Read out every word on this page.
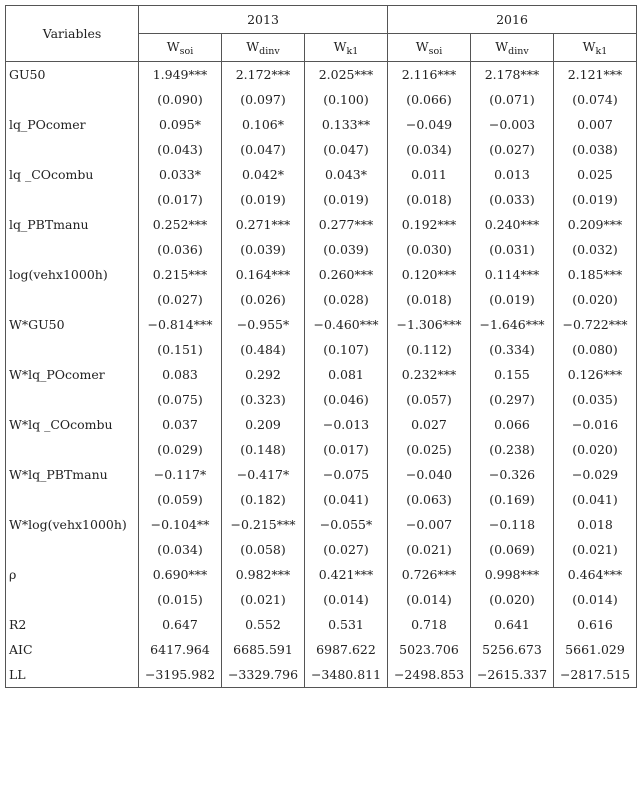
Variables	2013			2016		
	$W_{soi}$	$W_{dinv}$	$W_{k1}$	$W_{soi}$	$W_{dinv}$	$W_{k1}$
GU50	1.949***	2.172***	2.025***	2.116***	2.178***	2.121***
	(0.090)	(0.097)	(0.100)	(0.066)	(0.071)	(0.074)
lq_POcomer	0.095*	0.106*	0.133**	−0.049	−0.003	0.007
	(0.043)	(0.047)	(0.047)	(0.034)	(0.027)	(0.038)
lq _COcombu	0.033*	0.042*	0.043*	0.011	0.013	0.025
	(0.017)	(0.019)	(0.019)	(0.018)	(0.033)	(0.019)
lq_PBTmanu	0.252***	0.271***	0.277***	0.192***	0.240***	0.209***
	(0.036)	(0.039)	(0.039)	(0.030)	(0.031)	(0.032)
log(vehx1000h)	0.215***	0.164***	0.260***	0.120***	0.114***	0.185***
	(0.027)	(0.026)	(0.028)	(0.018)	(0.019)	(0.020)
W*GU50	−0.814***	−0.955*	−0.460***	−1.306***	−1.646***	−0.722***
	(0.151)	(0.484)	(0.107)	(0.112)	(0.334)	(0.080)
W*lq_POcomer	0.083	0.292	0.081	0.232***	0.155	0.126***
	(0.075)	(0.323)	(0.046)	(0.057)	(0.297)	(0.035)
W*lq _COcombu	0.037	0.209	−0.013	0.027	0.066	−0.016
	(0.029)	(0.148)	(0.017)	(0.025)	(0.238)	(0.020)
W*lq_PBTmanu	−0.117*	−0.417*	−0.075	−0.040	−0.326	−0.029
	(0.059)	(0.182)	(0.041)	(0.063)	(0.169)	(0.041)
W*log(vehx1000h)	−0.104**	−0.215***	−0.055*	−0.007	−0.118	0.018
	(0.034)	(0.058)	(0.027)	(0.021)	(0.069)	(0.021)
ρ	0.690***	0.982***	0.421***	0.726***	0.998***	0.464***
	(0.015)	(0.021)	(0.014)	(0.014)	(0.020)	(0.014)
R2	0.647	0.552	0.531	0.718	0.641	0.616
AIC	6417.964	6685.591	6987.622	5023.706	5256.673	5661.029
LL	−3195.982	−3329.796	−3480.811	−2498.853	−2615.337	−2817.515
